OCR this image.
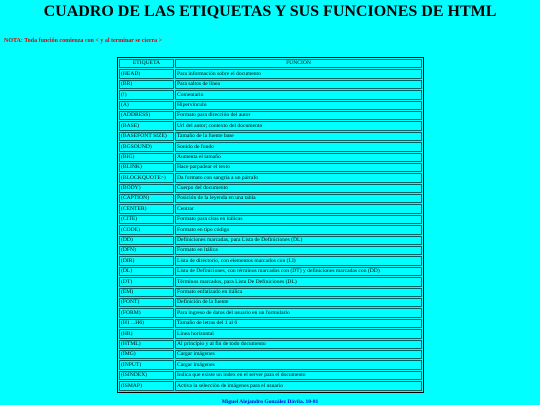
CUADRO DE LAS ETIQUETAS Y SUS FUNCIONES DE HTML
NOTA: Toda función comienza con < y al terminar se cierra >
ETIQUETA	FUNCIÓN
(HEAD)	Para información sobre el documento
(BR)	Para saltos de línea
(!)	Comentario
(A)	Hipervínculo
(ADDRESS)	Formato para dirección del autor
(BASE)	Url del autor; contexto del documento
(BASEFONT SIZE)	Tamaño de la fuente base
(BGSOUND)	Sonido de fondo
(BIG)	Aumenta el tamaño
(BLINK)	Hace parpadear el texto
(BLOCKQUOTE>)	Da formato con sangría a un párrafo
(BODY)	Cuerpo del documento
(CAPTION)	Posición de la leyenda en una tabla
(CENTER)	Centrar
(CITE)	Formato para citas en itálicas
(CODE)	Formato en tipo código
(DD)	Definiciones marcadas, para Lista de Definiciones (DL)
(DFN)	Formato en itálica
(DIR)	Lista de directorio, con elementos marcados con (LI)
(DL)	Lista de Definiciones, con términos marcados con (DT) y definiciones marcadas con (DD)
(DT)	Términos marcados, para Lista De Definiciones (DL)
(EM)	Formato enfatizado en itálica
(FONT)	Definición de la fuente
(FORM)	Para ingreso de datos del usuario en un formulario
(H1 ...H6)	Tamaño de letras del 1 al 6
(HR)	Línea horizontal
(HTML)	Al principio y al fin de todo documento
(IMG)	Cargar imágenes
(INPUT)	Cargar imágenes
(ISINDEX)	Indica que existe un index en el server para el documento
(ISMAP)	Activa la selección de imágenes para el usuario
Miguel Alejandro González Dávila. 10-01
